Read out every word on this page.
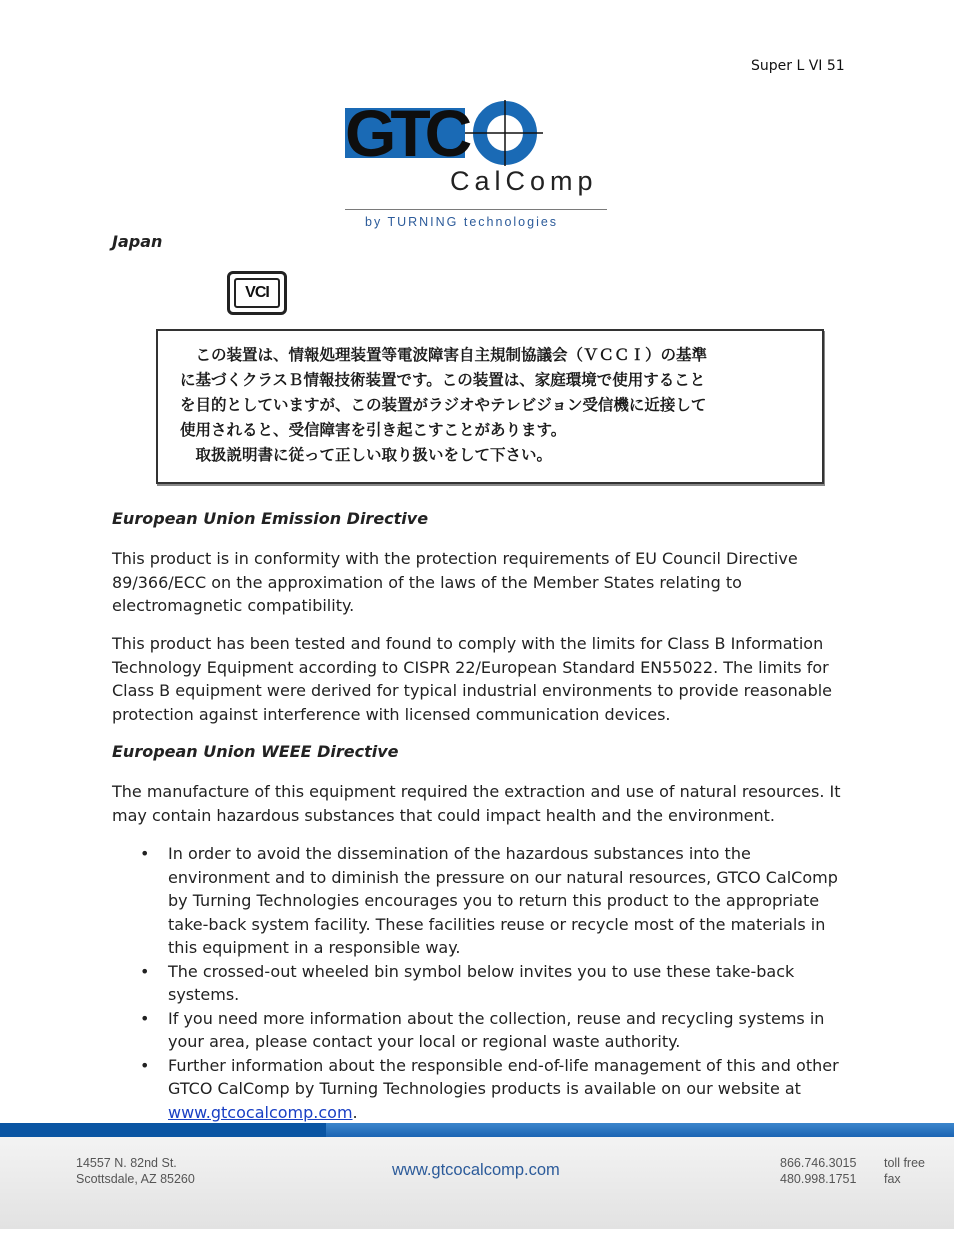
Super L VI 51
GTC
CalComp
by TURNING technologies
Japan
VCI

　この装置は、情報処理装置等電波障害自主規制協議会（ＶＣＣＩ）の基準
に基づくクラスＢ情報技術装置です。この装置は、家庭環境で使用すること
を目的としていますが、この装置がラジオやテレビジョン受信機に近接して
使用されると、受信障害を引き起こすことがあります。
　取扱説明書に従って正しい取り扱いをして下さい。

European Union Emission Directive

This product is in conformity with the protection requirements of EU Council Directive 89/366/ECC on the approximation of the laws of the Member States relating to electromagnetic compatibility.

This product has been tested and found to comply with the limits for Class B Information Technology Equipment according to CISPR 22/European Standard EN55022. The limits for Class B equipment were derived for typical industrial environments to provide reasonable protection against interference with licensed communication devices.

European Union WEEE Directive

The manufacture of this equipment required the extraction and use of natural resources. It may contain hazardous substances that could impact health and the environment.

• In order to avoid the dissemination of the hazardous substances into the environment and to diminish the pressure on our natural resources, GTCO CalComp by Turning Technologies encourages you to return this product to the appropriate take-back system facility. These facilities reuse or recycle most of the materials in this equipment in a responsible way.
• The crossed-out wheeled bin symbol below invites you to use these take-back systems.
• If you need more information about the collection, reuse and recycling systems in your area, please contact your local or regional waste authority.
• Further information about the responsible end-of-life management of this and other GTCO CalComp by Turning Technologies products is available on our website at www.gtcocalcomp.com.
14557 N. 82nd St.
Scottsdale, AZ 85260	www.gtcocalcomp.com	866.746.3015	toll free
480.998.1751	fax
